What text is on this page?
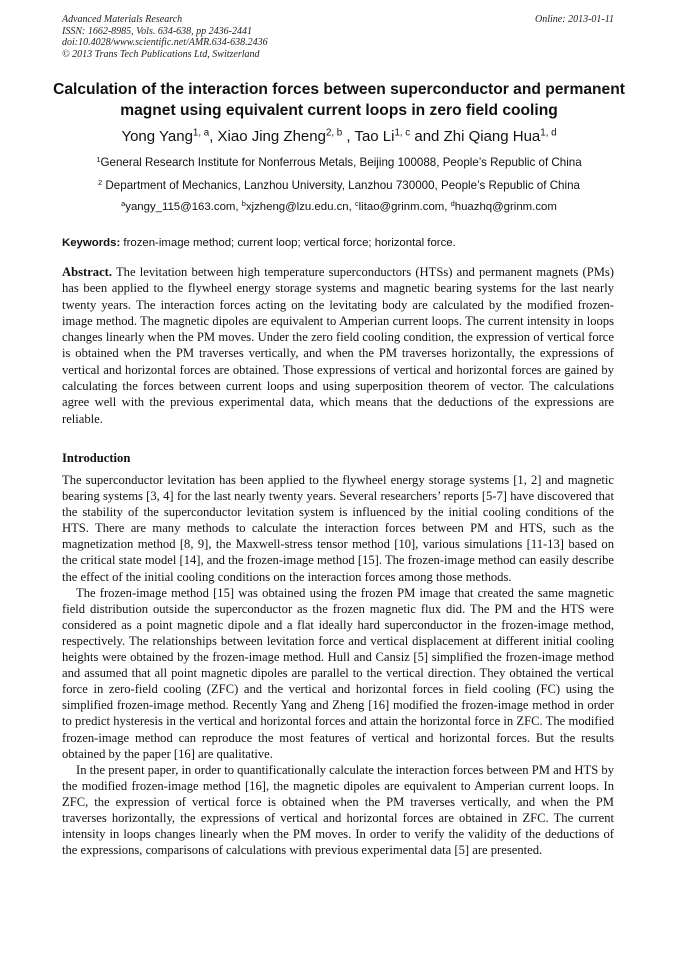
Advanced Materials Research
ISSN: 1662-8985, Vols. 634-638, pp 2436-2441
doi:10.4028/www.scientific.net/AMR.634-638.2436
© 2013 Trans Tech Publications Ltd, Switzerland
Online: 2013-01-11
Calculation of the interaction forces between superconductor and permanent magnet using equivalent current loops in zero field cooling
Yong Yang$^{1, a}$, Xiao Jing Zheng$^{2, b}$ , Tao Li$^{1, c}$ and Zhi Qiang Hua$^{1, d}$
$^1$General Research Institute for Nonferrous Metals, Beijing 100088, People’s Republic of China
$^2$ Department of Mechanics, Lanzhou University, Lanzhou 730000, People’s Republic of China
$^a$yangy_115@163.com, $^b$xjzheng@lzu.edu.cn, $^c$litao@grinm.com, $^d$huazhq@grinm.com
Keywords: frozen-image method; current loop; vertical force; horizontal force.
Abstract. The levitation between high temperature superconductors (HTSs) and permanent magnets (PMs) has been applied to the flywheel energy storage systems and magnetic bearing systems for the last nearly twenty years. The interaction forces acting on the levitating body are calculated by the modified frozen-image method. The magnetic dipoles are equivalent to Amperian current loops. The current intensity in loops changes linearly when the PM moves. Under the zero field cooling condition, the expression of vertical force is obtained when the PM traverses vertically, and when the PM traverses horizontally, the expressions of vertical and horizontal forces are obtained. Those expressions of vertical and horizontal forces are gained by calculating the forces between current loops and using superposition theorem of vector. The calculations agree well with the previous experimental data, which means that the deductions of the expressions are reliable.
Introduction

The superconductor levitation has been applied to the flywheel energy storage systems [1, 2] and magnetic bearing systems [3, 4] for the last nearly twenty years. Several researchers’ reports [5-7] have discovered that the stability of the superconductor levitation system is influenced by the initial cooling conditions of the HTS. There are many methods to calculate the interaction forces between PM and HTS, such as the magnetization method [8, 9], the Maxwell-stress tensor method [10], various simulations [11-13] based on the critical state model [14], and the frozen-image method [15]. The frozen-image method can easily describe the effect of the initial cooling conditions on the interaction forces among those methods.

The frozen-image method [15] was obtained using the frozen PM image that created the same magnetic field distribution outside the superconductor as the frozen magnetic flux did. The PM and the HTS were considered as a point magnetic dipole and a flat ideally hard superconductor in the frozen-image method, respectively. The relationships between levitation force and vertical displacement at different initial cooling heights were obtained by the frozen-image method. Hull and Cansiz [5] simplified the frozen-image method and assumed that all point magnetic dipoles are parallel to the vertical direction. They obtained the vertical force in zero-field cooling (ZFC) and the vertical and horizontal forces in field cooling (FC) using the simplified frozen-image method. Recently Yang and Zheng [16] modified the frozen-image method in order to predict hysteresis in the vertical and horizontal forces and attain the horizontal force in ZFC. The modified frozen-image method can reproduce the most features of vertical and horizontal forces. But the results obtained by the paper [16] are qualitative.

In the present paper, in order to quantificationally calculate the interaction forces between PM and HTS by the modified frozen-image method [16], the magnetic dipoles are equivalent to Amperian current loops. In ZFC, the expression of vertical force is obtained when the PM traverses vertically, and when the PM traverses horizontally, the expressions of vertical and horizontal forces are obtained in ZFC. The current intensity in loops changes linearly when the PM moves. In order to verify the validity of the deductions of the expressions, comparisons of calculations with previous experimental data [5] are presented.
